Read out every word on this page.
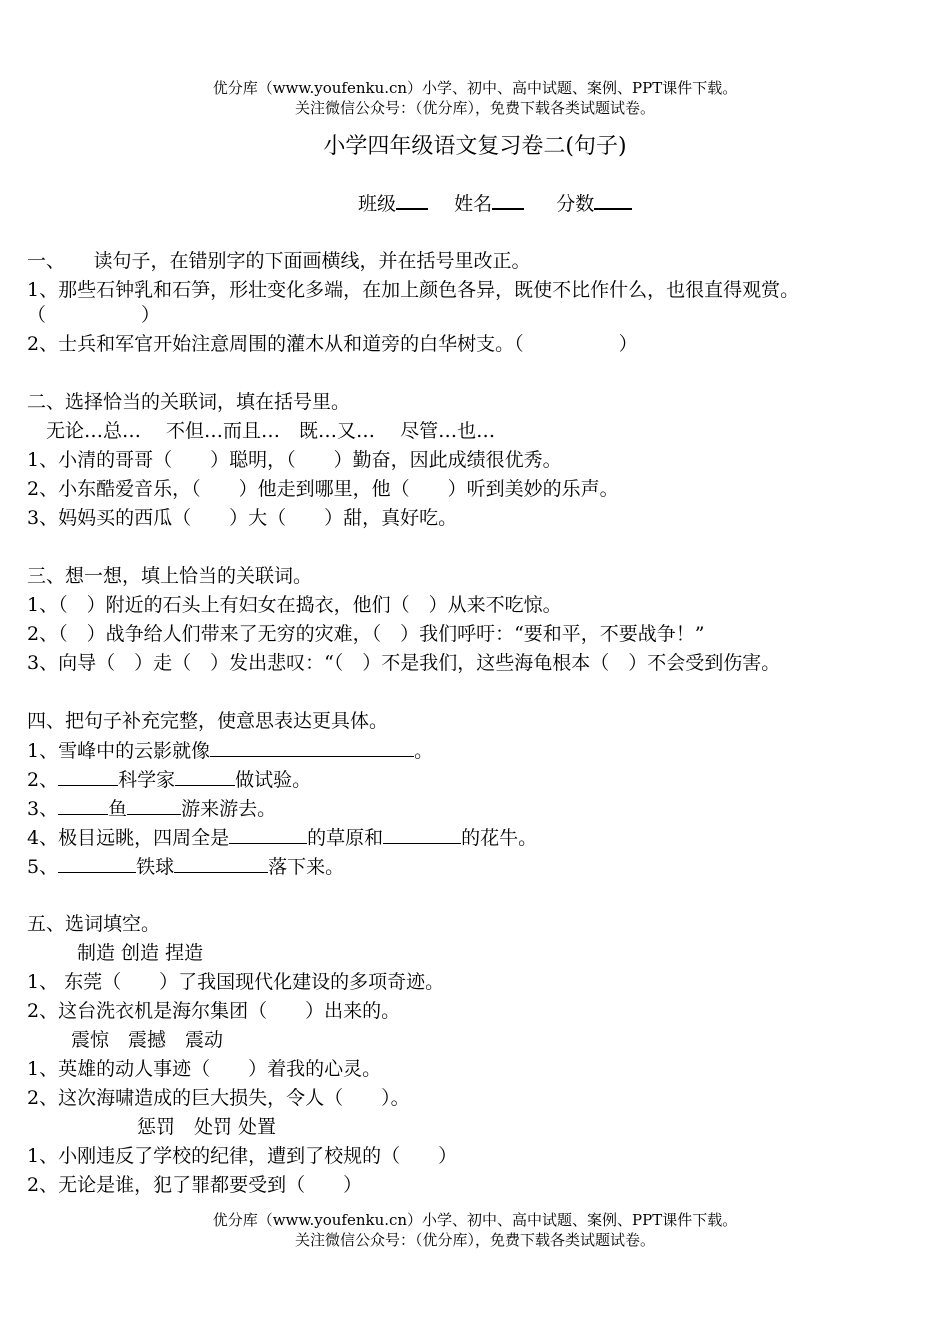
优分库（www.youfenku.cn）小学、初中、高中试题、案例、PPT课件下载。
关注微信公众号：（优分库），免费下载各类试题试卷。
小学四年级语文复习卷二(句子)
班级	姓名	分数
一、　　读句子，在错别字的下面画横线，并在括号里改正。
1、那些石钟乳和石笋，形壮变化多端，在加上颜色各异，既使不比作什么，也很直得观赏。
（　　　　　）
2、士兵和军官开始注意周围的灌木从和道旁的白华树支。（　　　　　）
二、选择恰当的关联词，填在括号里。
　无论…总…　 不但…而且…　既…又…　 尽管…也…
1、小清的哥哥（　　）聪明，（　　）勤奋，因此成绩很优秀。
2、小东酷爱音乐，（　　）他走到哪里，他（　　）听到美妙的乐声。
3、妈妈买的西瓜（　　）大（　　）甜，真好吃。
三、想一想，填上恰当的关联词。
1、（　）附近的石头上有妇女在捣衣，他们（　）从来不吃惊。
2、（　）战争给人们带来了无穷的灾难，（　）我们呼吁：“要和平，不要战争！”
3、向导（　）走（　）发出悲叹：“（　）不是我们，这些海龟根本（　）不会受到伤害。
四、把句子补充完整，使意思表达更具体。
1、雪峰中的云影就像	。
2、	科学家	做试验。
3、	鱼	游来游去。
4、极目远眺，四周全是	的草原和	的花牛。
5、	铁球	落下来。
五、选词填空。
制造 创造 捏造
1、 东莞（　　）了我国现代化建设的多项奇迹。
2、这台洗衣机是海尔集团（　　）出来的。
震惊　震撼　震动
1、英雄的动人事迹（　　）着我的心灵。
2、这次海啸造成的巨大损失，令人（　　）。
惩罚　处罚 处置
1、小刚违反了学校的纪律，遭到了校规的（　　）
2、无论是谁，犯了罪都要受到（　　）
优分库（www.youfenku.cn）小学、初中、高中试题、案例、PPT课件下载。
关注微信公众号：（优分库），免费下载各类试题试卷。
